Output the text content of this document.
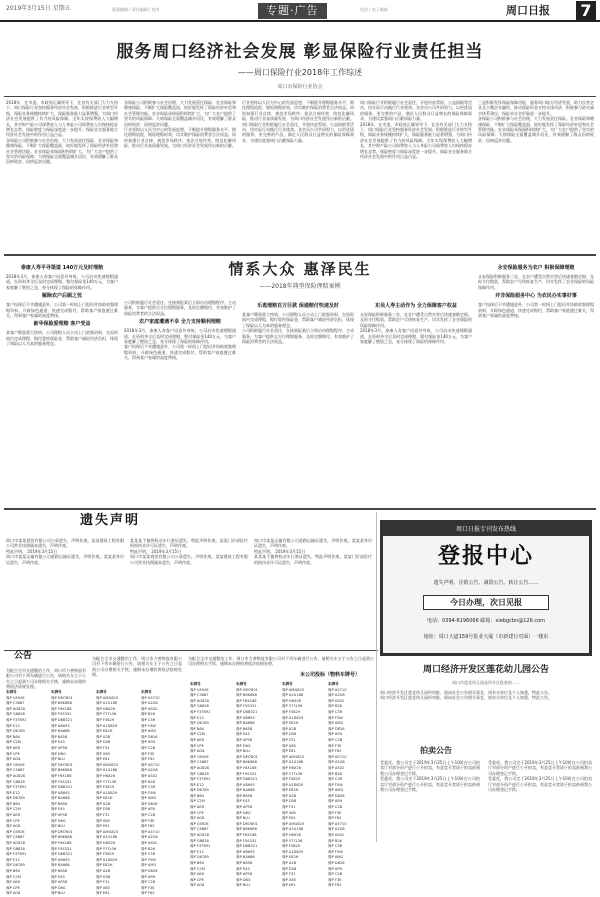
2019年3月15日 星期五	版面编辑 / 责任编辑 / 校对	专题·广告	电话 / 电子邮箱	周口日报 7
服务周口经济社会发展 彰显保险行业责任担当
——周口保险行业2018年工作综述
周口市保险行业协会
2018年，在市委、市政府正确领导下，在各有关部门大力支持下，周口保险行业坚持服务经济社会发展，积极推进行业转型升级，保险业务规模持续扩大，保险服务能力显著增强，为周口经济社会发展提供了有力的风险保障。全年实现保费收入大幅增长，其中财产险公司保费收入与人身险公司保费收入均保持稳步增长态势，保险密度与保险深度进一步提升，保险业在服务地方经济社会发展中的作用日益凸显。
各保险公司积极参与社会治理，大力发展责任保险、农业保险和健康保险，不断扩大保险覆盖面，较好地发挥了保险经济补偿和社会管理功能。农业保险承保面积持续扩大，为广大农户提供了坚实的风险保障；大病保险全面覆盖城乡居民，有效缓解了群众因病致贫、因病返贫问题。
各保险公司积极参与社会治理，大力发展责任保险、农业保险和健康保险，不断扩大保险覆盖面，较好地发挥了保险经济补偿和社会管理功能。农业保险承保面积持续扩大，为广大农户提供了坚实的风险保障；大病保险全面覆盖城乡居民，有效缓解了群众因病致贫、因病返贫问题。
行业坚持以人民为中心的发展思想，不断提升理赔服务水平，简化理赔流程，缩短理赔时效，切实维护保险消费者合法权益。同时加强行业自律，规范市场秩序，依法合规经营，防范化解风险，推动行业高质量发展，为周口经济社会发展作出新的贡献。
行业坚持以人民为中心的发展思想，不断提升理赔服务水平，简化理赔流程，缩短理赔时效，切实维护保险消费者合法权益。同时加强行业自律，规范市场秩序，依法合规经营，防范化解风险，推动行业高质量发展，为周口经济社会发展作出新的贡献。
周口保险行业积极履行社会责任，开展扶贫帮困、公益捐助等活动，用实际行动践行行业使命。各会员公司共同努力，以更优质的服务、更完善的产品，满足人民群众日益增长的保险保障需求，为建设富强周口贡献保险力量。
周口保险行业积极履行社会责任，开展扶贫帮困、公益捐助等活动，用实际行动践行行业使命。各会员公司共同努力，以更优质的服务、更完善的产品，满足人民群众日益增长的保险保障需求，为建设富强周口贡献保险力量。
2018年，在市委、市政府正确领导下，在各有关部门大力支持下，周口保险行业坚持服务经济社会发展，积极推进行业转型升级，保险业务规模持续扩大，保险服务能力显著增强，为周口经济社会发展提供了有力的风险保障。全年实现保费收入大幅增长，其中财产险公司保费收入与人身险公司保费收入均保持稳步增长态势，保险密度与保险深度进一步提升，保险业在服务地方经济社会发展中的作用日益凸显。
三是积极发挥保险保障功能，服务周口地方经济发展，助力民营企业及小微企业融资，推动保险资金支持实体经济，积极参与防灾减灾体系建设，保险业社会形象进一步提升。
各保险公司积极参与社会治理，大力发展责任保险、农业保险和健康保险，不断扩大保险覆盖面，较好地发挥了保险经济补偿和社会管理功能。农业保险承保面积持续扩大，为广大农户提供了坚实的风险保障；大病保险全面覆盖城乡居民，有效缓解了群众因病致贫、因病返贫问题。
情系大众 惠泽民生
——2018年典型保险理赔案例
泰康人寿平寻渠道 140万元及时理赔
2018年3月，泰康人寿客户因意外身故，公司启动快速理赔通道，在资料齐全后及时完成理赔，赔付保险金140万元，为客户家庭解了燃眉之急，充分体现了保险的保障作用。
解除农户后顾之忧
客户投保后不幸遭遇意外，公司第一时间上门慰问并协助收集理赔资料，开辟绿色通道，快速完成赔付，帮助客户家庭渡过难关，得到客户家属的高度赞扬。
新华保险爱理赔 客户受益
某客户罹患重大疾病，公司理赔人员主动上门收集资料，在短时间内完成理赔，赔付重疾保险金，帮助客户减轻经济负担，体现了保险以人为本的服务理念。
公司积极履行社会责任，在接到报案后立即启动理赔程序，主动服务，为客户提供全方位理赔服务，及时足额赔付，有效维护了保险消费者的合法权益。
农户家庭遭遇不幸 全力支持顺利理赔
2018年3月，泰康人寿客户因意外身故，公司启动快速理赔通道，在资料齐全后及时完成理赔，赔付保险金140万元，为客户家庭解了燃眉之急，充分体现了保险的保障作用。
客户投保后不幸遭遇意外，公司第一时间上门慰问并协助收集理赔资料，开辟绿色通道，快速完成赔付，帮助客户家庭渡过难关，得到客户家属的高度赞扬。
乐逃理赔百万巨款 保通赔付快速及时
某客户罹患重大疾病，公司理赔人员主动上门收集资料，在短时间内完成理赔，赔付重疾保险金，帮助客户减轻经济负担，体现了保险以人为本的服务理念。
公司积极履行社会责任，在接到报案后立即启动理赔程序，主动服务，为客户提供全方位理赔服务，及时足额赔付，有效维护了保险消费者的合法权益。
东吴人寿主动作为 全力保障客户权益
永安保险积极服务三农，在农户遭受自然灾害后快速查勘定损，及时支付赔款，帮助农户尽快恢复生产，切实发挥了农业保险的风险保障作用。
2018年3月，泰康人寿客户因意外身故，公司启动快速理赔通道，在资料齐全后及时完成理赔，赔付保险金140万元，为客户家庭解了燃眉之急，充分体现了保险的保障作用。
永安保险服务为农户 积极保障理赔
永安保险积极服务三农，在农户遭受自然灾害后快速查勘定损，及时支付赔款，帮助农户尽快恢复生产，切实发挥了农业保险的风险保障作用。
并非保险服务中心 为农民办实事好事
客户投保后不幸遭遇意外，公司第一时间上门慰问并协助收集理赔资料，开辟绿色通道，快速完成赔付，帮助客户家庭渡过难关，得到客户家属的高度赞扬。
遗失声明
周口市某某商贸有限公司公章遗失，声明作废。某某建筑工程有限公司营业执照副本遗失，声明作废。
特此声明。 2019年3月15日
周口市某某运输有限公司道路运输证遗失，声明作废。某某某身份证遗失，声明作废。
某某某不慎将机动车行驶证遗失，特此声明作废。某某门诊部医疗机构执业许可证遗失，声明作废。
特此声明。 2019年3月15日
周口市某某商贸有限公司公章遗失，声明作废。某某建筑工程有限公司营业执照副本遗失，声明作废。
周口市某某运输有限公司道路运输证遗失，声明作废。某某某身份证遗失，声明作废。
特此声明。 2019年3月15日
某某某不慎将机动车行驶证遗失，特此声明作废。某某门诊部医疗机构执业许可证遗失，声明作废。
周口日报专刊发布热线
登报中心
遗失声明、注销公告、减资公告、转让公告……
今日办理，次日见报
电话：0394-6196066 邮箱：xiebgcbn@126.com
地址：周口大道159号报业大厦（市新建行对面）一楼东
公告
为配合全市交通整治工作，周口市力善物流有限公司对下列车辆进行公告，请相关车主于公告之日起到公司办理相关手续，逾期未办理的将依法依规处理。
为配合全市交通整治工作，周口市力善物流有限公司对下列车辆进行公告，请相关车主于公告之日起到公司办理相关手续，逾期未办理的将依法依规处理。
为配合全市交通整治工作，周口市力善物流有限公司对下列车辆进行公告，请相关车主于公告之日起到公司办理相关手续，逾期未办理的将依法依规处理。
本公司投标（物料车牌号）
车牌号	车牌号	车牌号	车牌号
豫P C6926	豫P DM7801	豫P AMG825	豫P A5710
豫P C3687	豫P B6K688	豫P A1U188	豫P A2G8
豫P AG828	豫P F6X188	豫P H6X26	豫P AS02
豫P G8828	豫P F5S331	豫P Y77L36	豫P B26
豫P F3T691	豫P D6B321	豫P F5829	豫P C3R
豫P E12	豫P AB693	豫P A1D829	豫P F5W
豫P D6789	豫P BA668	豫P E82H	豫P AMG
豫P B6U	豫P B658	豫P A2B	豫P D826
豫P C2M	豫P E45	豫P D58	豫P AFN
豫P AE6	豫P AP58	豫P F31	豫P C2B
豫P CPE	豫P D6G	豫P X85	豫P F3E
豫P AG8	豫P BLU	豫P E61	豫P F62
豫P C6926	豫P DM7801	豫P AMG825	豫P A5710
豫P C3687	豫P B6K688	豫P A1U188	豫P A2G8
豫P AG828	豫P F6X188	豫P H6X26	豫P AS02
豫P G8828	豫P F5S331	豫P Y77L36	豫P B26
豫P F3T691	豫P D6B321	豫P F5829	豫P C3R
豫P E12	豫P AB693	豫P A1D829	豫P F5W
豫P D6789	豫P BA668	豫P E82H	豫P AMG
豫P B6U	豫P B658	豫P A2B	豫P D826
豫P C2M	豫P E45	豫P D58	豫P AFN
豫P AE6	豫P AP58	豫P F31	豫P C2B
豫P CPE	豫P D6G	豫P X85	豫P F3E
豫P AG8	豫P BLU	豫P E61	豫P F62
豫P C6926	豫P DM7801	豫P AMG825	豫P A5710
豫P C3687	豫P B6K688	豫P A1U188	豫P A2G8
豫P AG828	豫P F6X188	豫P H6X26	豫P AS02
豫P G8828	豫P F5S331	豫P Y77L36	豫P B26
豫P F3T691	豫P D6B321	豫P F5829	豫P C3R
豫P E12	豫P AB693	豫P A1D829	豫P F5W
豫P D6789	豫P BA668	豫P E82H	豫P AMG
豫P B6U	豫P B658	豫P A2B	豫P D826
豫P C2M	豫P E45	豫P D58	豫P AFN
豫P AE6	豫P AP58	豫P F31	豫P C2B
豫P CPE	豫P D6G	豫P X85	豫P F3E
豫P AG8	豫P BLU	豫P E61	豫P F62
车牌号	车牌号	车牌号	车牌号
豫P C6926	豫P DM7801	豫P AMG825	豫P A5710
豫P C3687	豫P B6K688	豫P A1U188	豫P A2G8
豫P AG828	豫P F6X188	豫P H6X26	豫P AS02
豫P G8828	豫P F5S331	豫P Y77L36	豫P B26
豫P F3T691	豫P D6B321	豫P F5829	豫P C3R
豫P E12	豫P AB693	豫P A1D829	豫P F5W
豫P D6789	豫P BA668	豫P E82H	豫P AMG
豫P B6U	豫P B658	豫P A2B	豫P D826
豫P C2M	豫P E45	豫P D58	豫P AFN
豫P AE6	豫P AP58	豫P F31	豫P C2B
豫P CPE	豫P D6G	豫P X85	豫P F3E
豫P AG8	豫P BLU	豫P E61	豫P F62
豫P C6926	豫P DM7801	豫P AMG825	豫P A5710
豫P C3687	豫P B6K688	豫P A1U188	豫P A2G8
豫P AG828	豫P F6X188	豫P H6X26	豫P AS02
豫P G8828	豫P F5S331	豫P Y77L36	豫P B26
豫P F3T691	豫P D6B321	豫P F5829	豫P C3R
豫P E12	豫P AB693	豫P A1D829	豫P F5W
豫P D6789	豫P BA668	豫P E82H	豫P AMG
豫P B6U	豫P B658	豫P A2B	豫P D826
豫P C2M	豫P E45	豫P D58	豫P AFN
豫P AE6	豫P AP58	豫P F31	豫P C2B
豫P CPE	豫P D6G	豫P X85	豫P F3E
豫P AG8	豫P BLU	豫P E61	豫P F62
豫P C6926	豫P DM7801	豫P AMG825	豫P A5710
豫P C3687	豫P B6K688	豫P A1U188	豫P A2G8
豫P AG828	豫P F6X188	豫P H6X26	豫P AS02
豫P G8828	豫P F5S331	豫P Y77L36	豫P B26
豫P F3T691	豫P D6B321	豫P F5829	豫P C3R
豫P E12	豫P AB693	豫P A1D829	豫P F5W
豫P D6789	豫P BA668	豫P E82H	豫P AMG
豫P B6U	豫P B658	豫P A2B	豫P D826
豫P C2M	豫P E45	豫P D58	豫P AFN
豫P AE6	豫P AP58	豫P F31	豫P C2B
豫P CPE	豫P D6G	豫P X85	豫P F3E
豫P AG8	豫P BLU	豫P E61	豫P F62
周口经济开发区莲花幼儿园公告
周口市莲花幼儿园是经开区批准的……
周口经济开发区莲花幼儿园经审批，现向社会公告相关事宜，请有关单位及个人知悉，特此公告。
周口经济开发区莲花幼儿园经审批，现向社会公告相关事宜，请有关单位及个人知悉，特此公告。
拍卖公告
受委托，我公司定于2019年3月25日上午10时在公司拍卖厅对部分资产进行公开拍卖，有意竞买者请于拍卖前到我公司办理登记手续。
受委托，我公司定于2019年3月25日上午10时在公司拍卖厅对部分资产进行公开拍卖，有意竞买者请于拍卖前到我公司办理登记手续。
受委托，我公司定于2019年3月25日上午10时在公司拍卖厅对部分资产进行公开拍卖，有意竞买者请于拍卖前到我公司办理登记手续。
受委托，我公司定于2019年3月25日上午10时在公司拍卖厅对部分资产进行公开拍卖，有意竞买者请于拍卖前到我公司办理登记手续。
